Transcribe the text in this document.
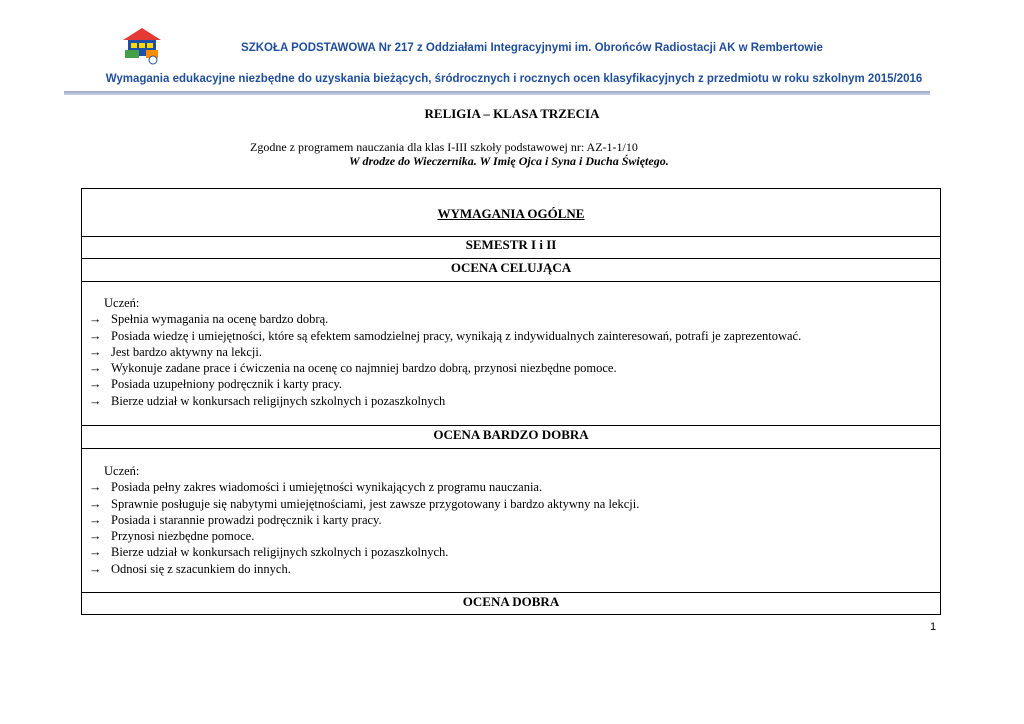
SZKOŁA PODSTAWOWA Nr 217 z Oddziałami Integracyjnymi im. Obrońców Radiostacji AK w Rembertowie
Wymagania edukacyjne niezbędne do uzyskania bieżących, śródrocznych i rocznych ocen klasyfikacyjnych z przedmiotu w roku szkolnym 2015/2016
RELIGIA – KLASA TRZECIA
Zgodne z programem nauczania dla klas I-III szkoły podstawowej nr: AZ-1-1/10
W drodze do Wieczernika. W Imię Ojca i Syna i Ducha Świętego.
WYMAGANIA OGÓLNE
SEMESTR I i II
OCENA CELUJĄCA
Uczeń:
→ Spełnia wymagania na ocenę bardzo dobrą.
→ Posiada wiedzę i umiejętności, które są efektem samodzielnej pracy, wynikają z indywidualnych zainteresowań, potrafi je zaprezentować.
→ Jest bardzo aktywny na lekcji.
→ Wykonuje zadane prace i ćwiczenia na ocenę co najmniej bardzo dobrą, przynosi niezbędne pomoce.
→ Posiada uzupełniony podręcznik i karty pracy.
→ Bierze udział w konkursach religijnych szkolnych i pozaszkolnych
OCENA BARDZO DOBRA
Uczeń:
→ Posiada pełny zakres wiadomości i umiejętności wynikających z programu nauczania.
→ Sprawnie posługuje się nabytymi umiejętnościami, jest zawsze przygotowany i bardzo aktywny na lekcji.
→ Posiada i starannie prowadzi podręcznik i karty pracy.
→ Przynosi niezbędne pomoce.
→ Bierze udział w konkursach religijnych szkolnych i pozaszkolnych.
→ Odnosi się z szacunkiem do innych.
OCENA DOBRA
1
